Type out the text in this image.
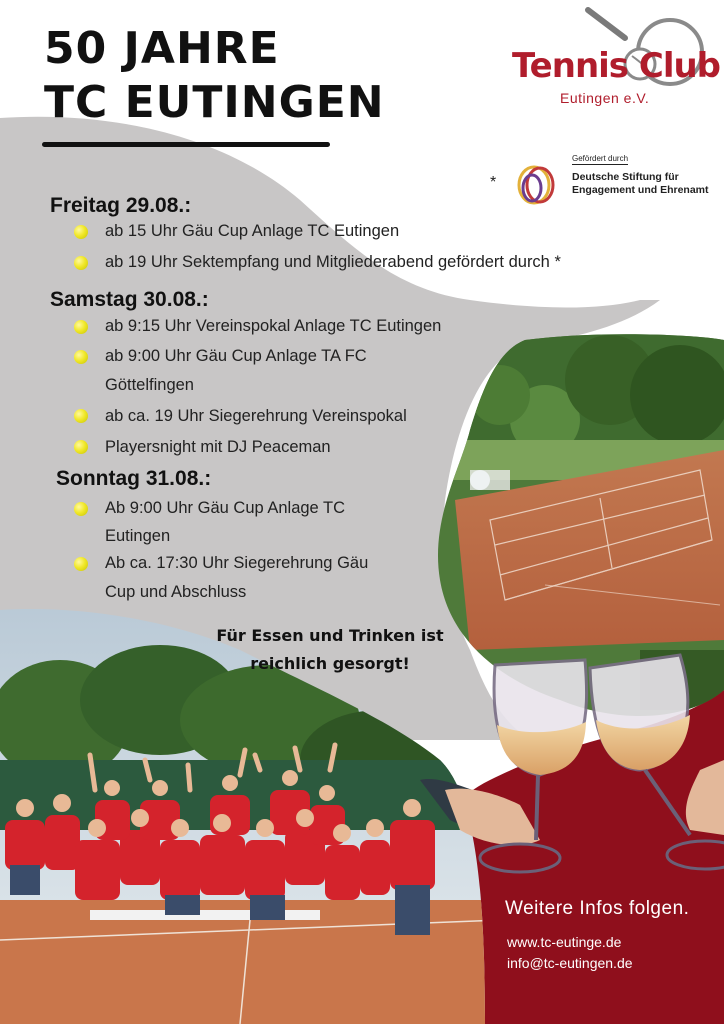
50 JAHRE
TC EUTINGEN
Tennis Club
Eutingen e.V.
*
Gefördert durch
Deutsche Stiftung für
Engagement und Ehrenamt
Freitag 29.08.:
ab 15 Uhr Gäu Cup Anlage TC Eutingen
ab 19 Uhr Sektempfang und Mitgliederabend gefördert durch *
Samstag 30.08.:
ab 9:15 Uhr Vereinspokal Anlage TC Eutingen
ab 9:00 Uhr Gäu Cup Anlage TA FC
Göttelfingen
ab ca. 19 Uhr Siegerehrung Vereinspokal
Playersnight mit DJ Peaceman
Sonntag 31.08.:
Ab 9:00 Uhr Gäu Cup Anlage TC
Eutingen
Ab ca. 17:30 Uhr Siegerehrung Gäu
Cup und Abschluss
Für Essen und Trinken ist
reichlich gesorgt!
Weitere Infos folgen.
www.tc-eutinge.de
info@tc-eutingen.de
